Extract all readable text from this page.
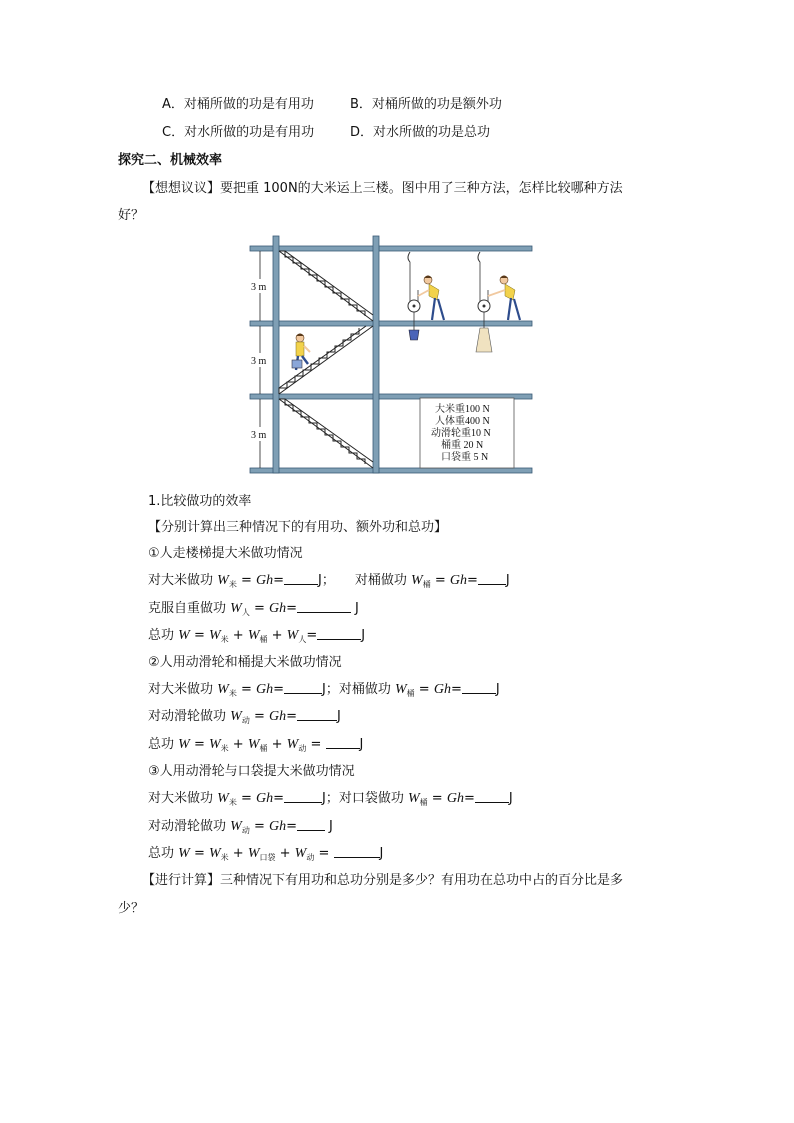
A．对桶所做的功是有用功	B．对桶所做的功是额外功
C．对水所做的功是有用功	D．对水所做的功是总功
探究二、机械效率
【想想议议】要把重 100N的大米运上三楼。图中用了三种方法，怎样比较哪种方法
好？
3 m
3 m
3 m
大米重100 N
人体重400 N
动滑轮重10 N
桶重 20 N
口袋重 5 N
1.比较做功的效率
【分别计算出三种情况下的有用功、额外功和总功】
①人走楼梯提大米做功情况
对大米做功 $W_米 = Gh=$	J； 对桶做功 $W_桶 = Gh= J$
克服自重做功 $W_人 = Gh=$	J
总功 $W = W_米 + W_桶 + W_人=$	J
②人用动滑轮和桶提大米做功情况
对大米做功 $W_米 = Gh=$	J；对桶做功 $W_桶 = Gh=$	J
对动滑轮做功 $W_动 = Gh=$	J
总功 $W = W_米 + W_桶 + W_动$ =	J
③人用动滑轮与口袋提大米做功情况
对大米做功 $W_米 = Gh=$	J；对口袋做功 $W_桶 = Gh=$	J
对动滑轮做功 $W_动 = Gh= J$
总功 $W = W_米 + W_{口袋} + W_动$ =	J
【进行计算】三种情况下有用功和总功分别是多少？有用功在总功中占的百分比是多
少？
